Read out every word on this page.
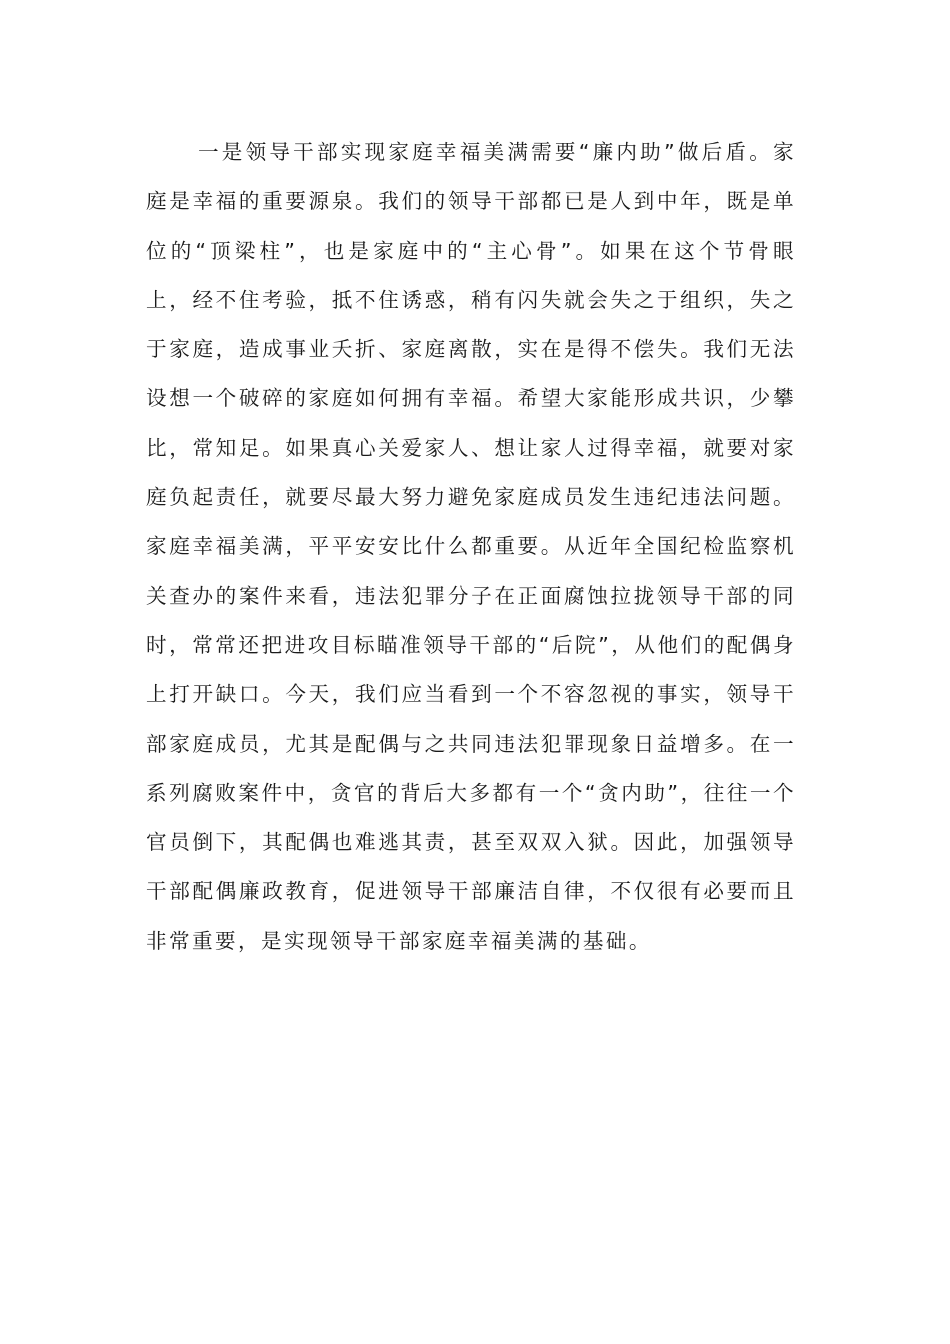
一是领导干部实现家庭幸福美满需要“廉内助”做后盾。家庭是幸福的重要源泉。我们的领导干部都已是人到中年，既是单位的“顶梁柱”，也是家庭中的“主心骨”。如果在这个节骨眼上，经不住考验，抵不住诱惑，稍有闪失就会失之于组织，失之于家庭，造成事业夭折、家庭离散，实在是得不偿失。我们无法设想一个破碎的家庭如何拥有幸福。希望大家能形成共识，少攀比，常知足。如果真心关爱家人、想让家人过得幸福，就要对家庭负起责任，就要尽最大努力避免家庭成员发生违纪违法问题。家庭幸福美满，平平安安比什么都重要。从近年全国纪检监察机关查办的案件来看，违法犯罪分子在正面腐蚀拉拢领导干部的同时，常常还把进攻目标瞄准领导干部的“后院”，从他们的配偶身上打开缺口。今天，我们应当看到一个不容忽视的事实，领导干部家庭成员，尤其是配偶与之共同违法犯罪现象日益增多。在一系列腐败案件中，贪官的背后大多都有一个“贪内助”，往往一个官员倒下，其配偶也难逃其责，甚至双双入狱。因此，加强领导干部配偶廉政教育，促进领导干部廉洁自律，不仅很有必要而且非常重要，是实现领导干部家庭幸福美满的基础。
